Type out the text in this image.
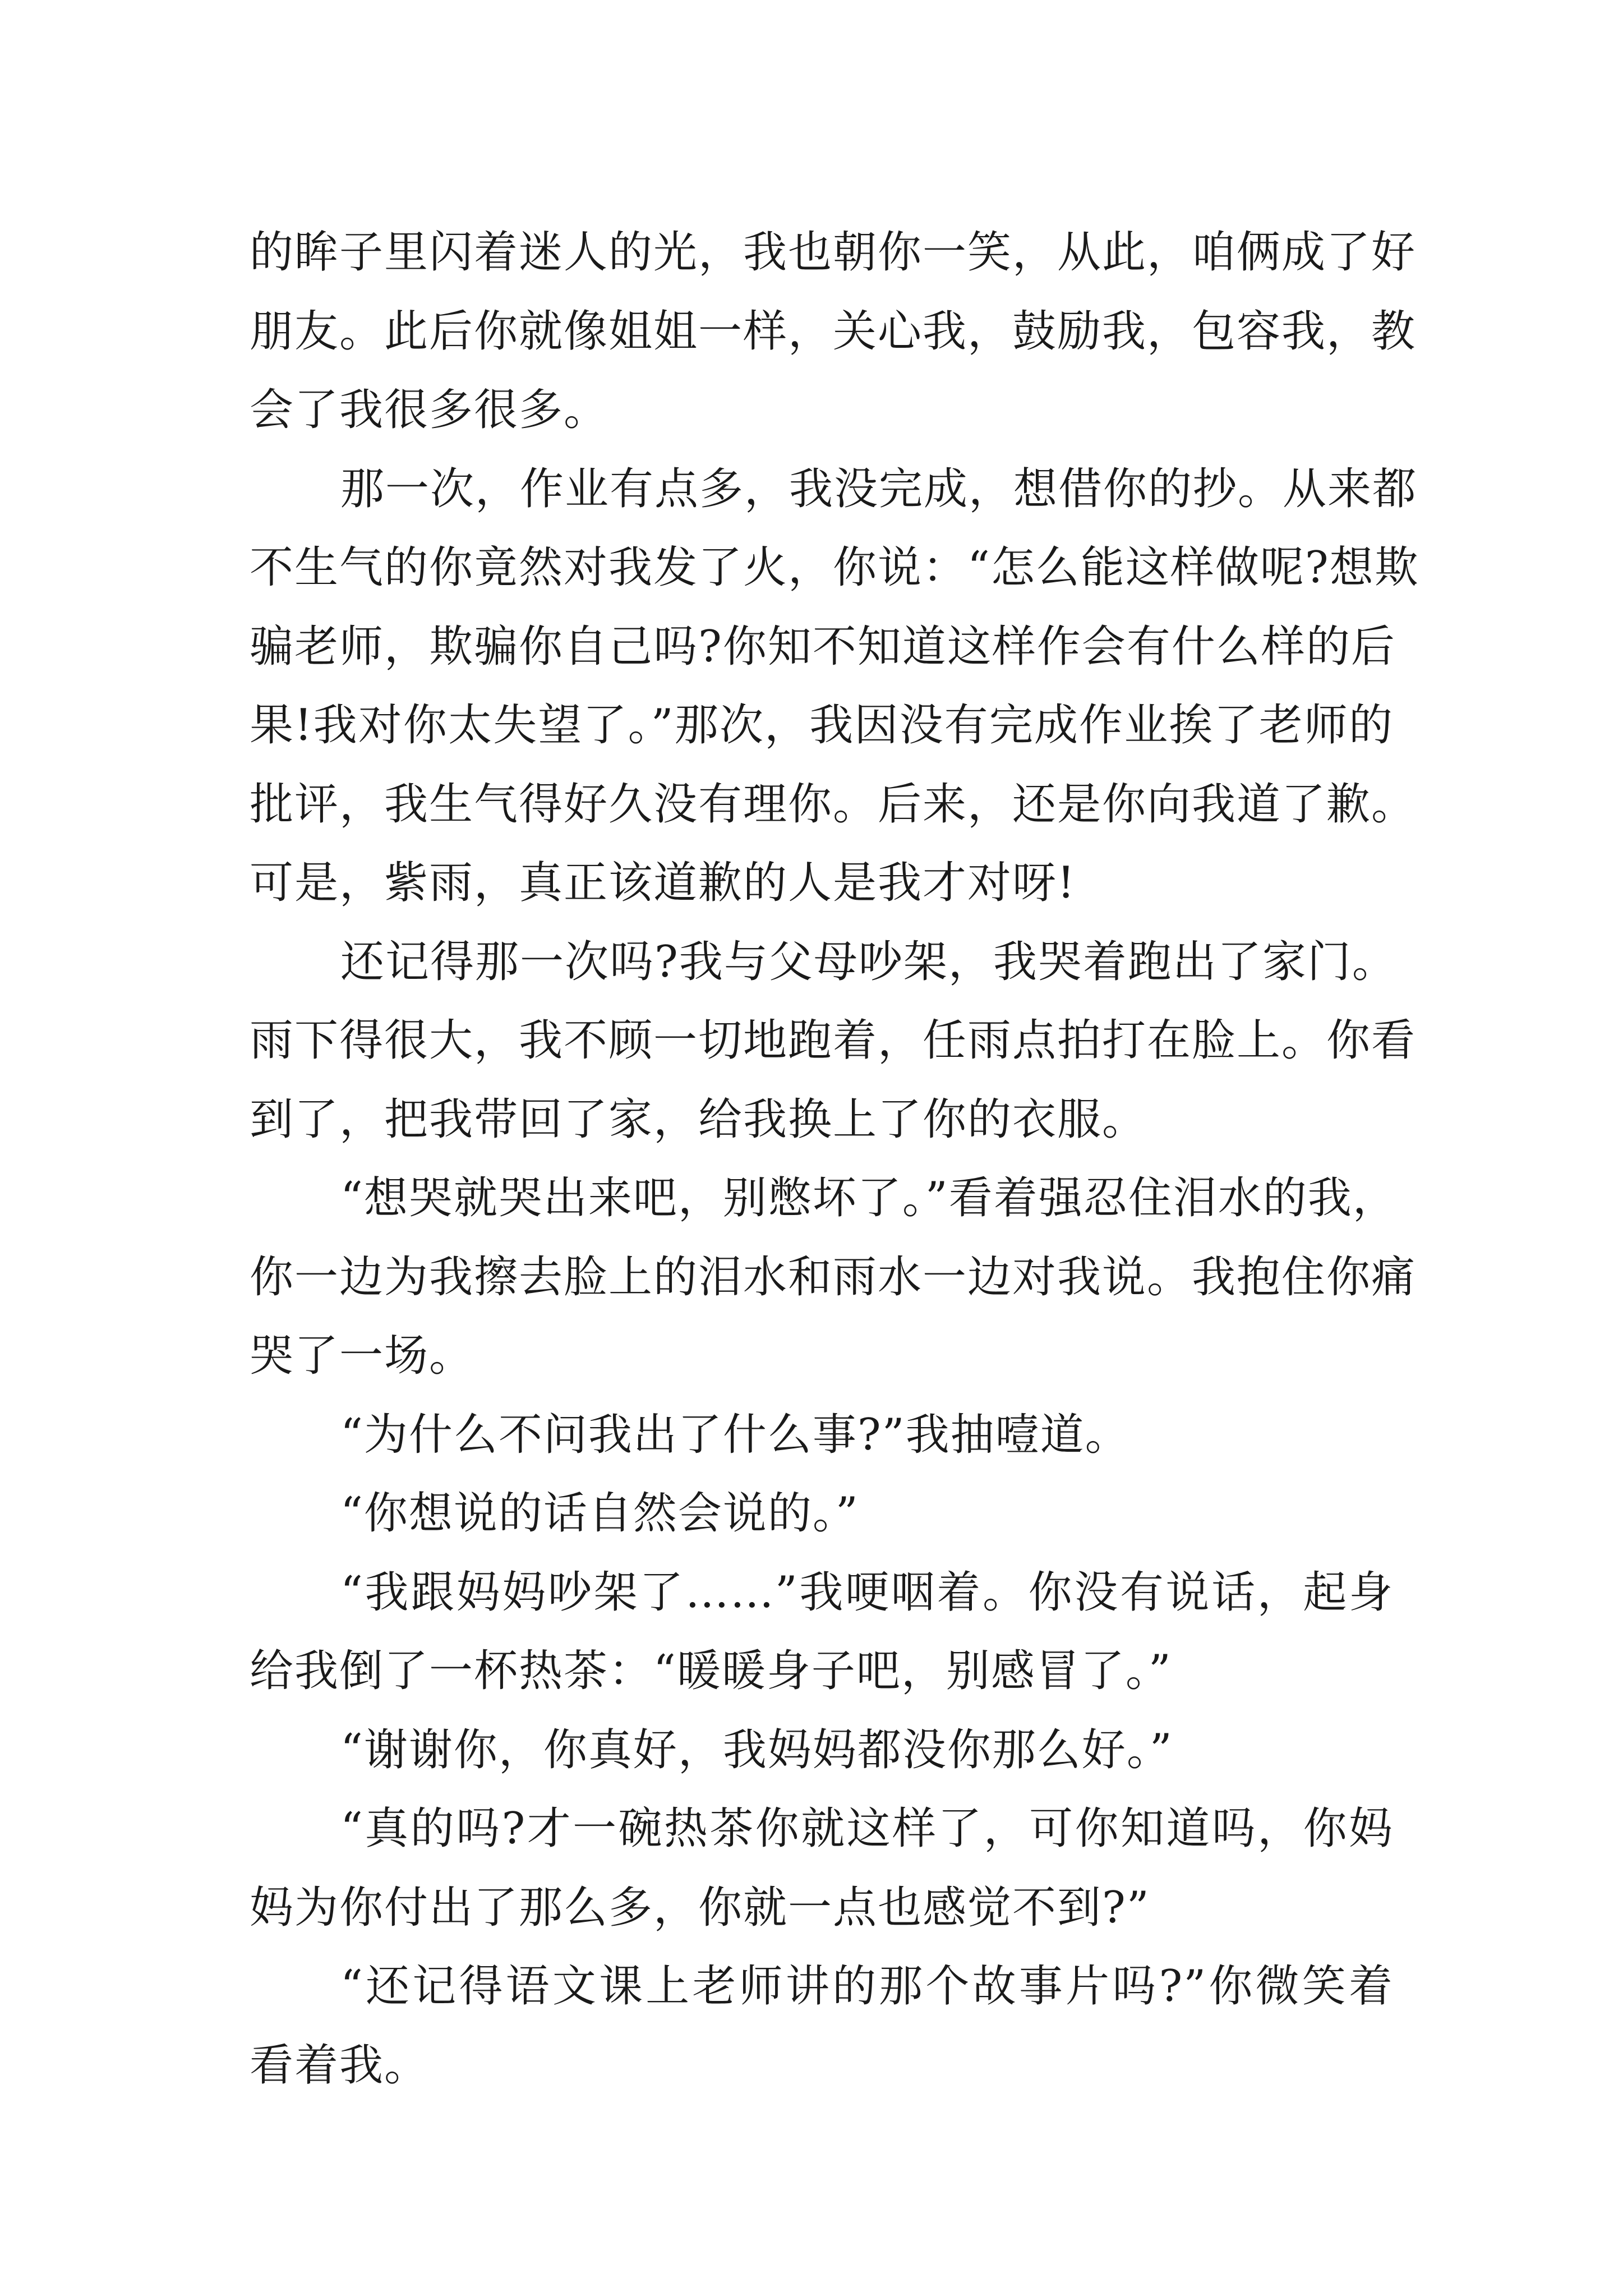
的眸子里闪着迷人的光，我也朝你一笑，从此，咱俩成了好
朋友。此后你就像姐姐一样，关心我，鼓励我，包容我，教
会了我很多很多。
那一次，作业有点多，我没完成，想借你的抄。从来都
不生气的你竟然对我发了火，你说：“怎么能这样做呢?想欺
骗老师，欺骗你自己吗?你知不知道这样作会有什么样的后
果!我对你太失望了。”那次，我因没有完成作业挨了老师的
批评，我生气得好久没有理你。后来，还是你向我道了歉。
可是，紫雨，真正该道歉的人是我才对呀!
还记得那一次吗?我与父母吵架，我哭着跑出了家门。
雨下得很大，我不顾一切地跑着，任雨点拍打在脸上。你看
到了，把我带回了家，给我换上了你的衣服。
“想哭就哭出来吧，别憋坏了。”看着强忍住泪水的我，
你一边为我擦去脸上的泪水和雨水一边对我说。我抱住你痛
哭了一场。
“为什么不问我出了什么事?”我抽噎道。
“你想说的话自然会说的。”
“我跟妈妈吵架了……”我哽咽着。你没有说话，起身
给我倒了一杯热茶：“暖暖身子吧，别感冒了。”
“谢谢你，你真好，我妈妈都没你那么好。”
“真的吗?才一碗热茶你就这样了，可你知道吗，你妈
妈为你付出了那么多，你就一点也感觉不到?”
“还记得语文课上老师讲的那个故事片吗?”你微笑着
看着我。
